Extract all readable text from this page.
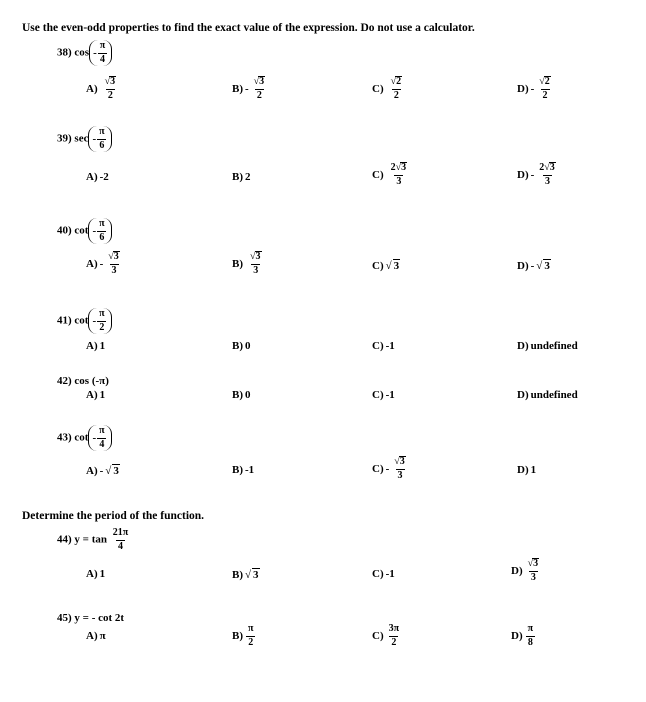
Use the even-odd properties to find the exact value of the expression. Do not use a calculator.
38) cos - $\frac{\pi}{4}$
$A) \frac{√3}{2}$	$B) - \frac{√3}{2}$	$C) \frac{√2}{2}$	$D) - \frac{√2}{2}$
39) sec - $\frac{\pi}{6}$
A) -2	B) 2	$C) \frac{2√3}{3}$	$D) - \frac{2√3}{3}$
40) cot - $\frac{\pi}{6}$
$A) - \frac{√3}{3}$	$B) \frac{√3}{3}$	C) √ 3	D) - √ 3
41) cot - $\frac{\pi}{2}$
A) 1	B) 0	C) -1	D) undefined
42) cos (-π)
A) 1	B) 0	C) -1	D) undefined
43) cot - $\frac{\pi}{4}$
A) - √ 3	B) -1	$C) - \frac{√3}{3}$	D) 1
Determine the period of the function.
44) $y = \tan \frac{21\pi}{4}$
A) 1	B) √ 3	C) -1	$D) \frac{√3}{3}$
45) y = - cot 2t
A) π	$B) \frac{\pi}{2}$	$C) \frac{3\pi}{2}$	$D) \frac{\pi}{8}$
